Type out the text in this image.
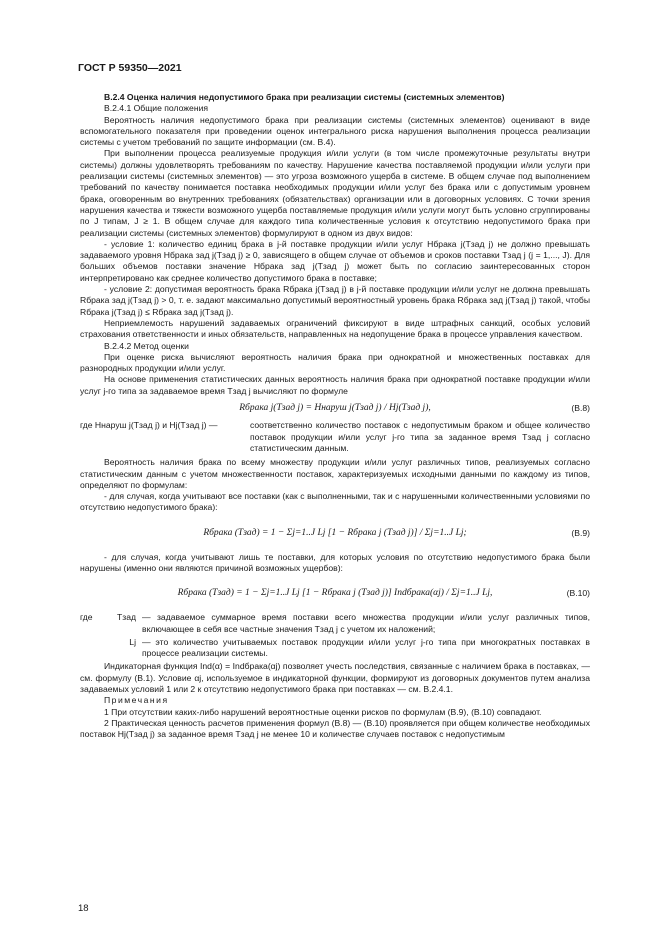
ГОСТ Р 59350—2021

В.2.4 Оценка наличия недопустимого брака при реализации системы (системных элементов)

В.2.4.1 Общие положения

Вероятность наличия недопустимого брака при реализации системы (системных элементов) оценивают в виде вспомогательного показателя при проведении оценок интегрального риска нарушения выполнения процесса реализации системы с учетом требований по защите информации (см. В.4).

При выполнении процесса реализуемые продукция и/или услуги (в том числе промежуточные результаты внутри системы) должны удовлетворять требованиям по качеству. Нарушение качества поставляемой продукции и/или услуги при реализации системы (системных элементов) — это угроза возможного ущерба в системе. В общем случае под выполнением требований по качеству понимается поставка необходимых продукции и/или услуг без брака или с допустимым уровнем брака, оговоренным во внутренних требованиях (обязательствах) организации или в договорных условиях. С точки зрения нарушения качества и тяжести возможного ущерба поставляемые продукция и/или услуги могут быть условно сгруппированы по J типам, J ≥ 1. В общем случае для каждого типа количественные условия к отсутствию недопустимого брака при реализации системы (системных элементов) формулируют в одном из двух видов:

- условие 1: количество единиц брака в j-й поставке продукции и/или услуг Hбрака j(Tзад j) не должно превышать задаваемого уровня Hбрака зад j(Tзад j) ≥ 0, зависящего в общем случае от объемов и сроков поставки Tзад j (j = 1,..., J). Для больших объемов поставки значение Hбрака зад j(Tзад j) может быть по согласию заинтересованных сторон интерпретировано как среднее количество допустимого брака в поставке;

- условие 2: допустимая вероятность брака Rбрака j(Tзад j) в j-й поставке продукции и/или услуг не должна превышать Rбрака зад j(Tзад j) > 0, т. е. задают максимально допустимый вероятностный уровень брака Rбрака зад j(Tзад j) такой, чтобы Rбрака j(Tзад j) ≤ Rбрака зад j(Tзад j).

Неприемлемость нарушений задаваемых ограничений фиксируют в виде штрафных санкций, особых условий страхования ответственности и иных обязательств, направленных на недопущение брака в процессе управления качеством.

В.2.4.2 Метод оценки

При оценке риска вычисляют вероятность наличия брака при однократной и множественных поставках для разнородных продукции и/или услуг.

На основе применения статистических данных вероятность наличия брака при однократной поставке продукции и/или услуг j-го типа за задаваемое время Tзад j вычисляют по формуле

Rбрака j(Tзад j) = Hнаруш j(Tзад j) / Hj(Tзад j),	(В.8)
где Hнаруш j(Tзад j) и Hj(Tзад j) —	соответственно количество поставок с недопустимым браком и общее количество поставок продукции и/или услуг j-го типа за заданное время Tзад j согласно статистическим данным.

Вероятность наличия брака по всему множеству продукции и/или услуг различных типов, реализуемых согласно статистическим данным с учетом множественности поставок, характеризуемых исходными данными по каждому из типов, определяют по формулам:

- для случая, когда учитывают все поставки (как с выполненными, так и с нарушенными количественными условиями по отсутствию недопустимого брака):

Rбрака (Tзад) = 1 − Σj=1..J Lj [1 − Rбрака j (Tзад j)] / Σj=1..J Lj;	(В.9)

- для случая, когда учитывают лишь те поставки, для которых условия по отсутствию недопустимого брака были нарушены (именно они являются причиной возможных ущербов):

Rбрака (Tзад) = 1 − Σj=1..J Lj [1 − Rбрака j (Tзад j)] Indбрака(αj) / Σj=1..J Lj,	(В.10)
где	Tзад — задаваемое суммарное время поставки всего множества продукции и/или услуг различных типов, включающее в себя все частные значения Tзад j с учетом их наложений;
Lj — это количество учитываемых поставок продукции и/или услуг j-го типа при многократных поставках в процессе реализации системы.

Индикаторная функция Ind(α) = Indбрака(αj) позволяет учесть последствия, связанные с наличием брака в поставках, — см. формулу (В.1). Условие αj, используемое в индикаторной функции, формируют из договорных документов путем анализа задаваемых условий 1 или 2 к отсутствию недопустимого брака при поставках — см. В.2.4.1.

Примечания

1 При отсутствии каких-либо нарушений вероятностные оценки рисков по формулам (В.9), (В.10) совпадают.

2 Практическая ценность расчетов применения формул (В.8) — (В.10) проявляется при общем количестве необходимых поставок Hj(Tзад j) за заданное время Tзад j не менее 10 и количестве случаев поставок с недопустимым

18
